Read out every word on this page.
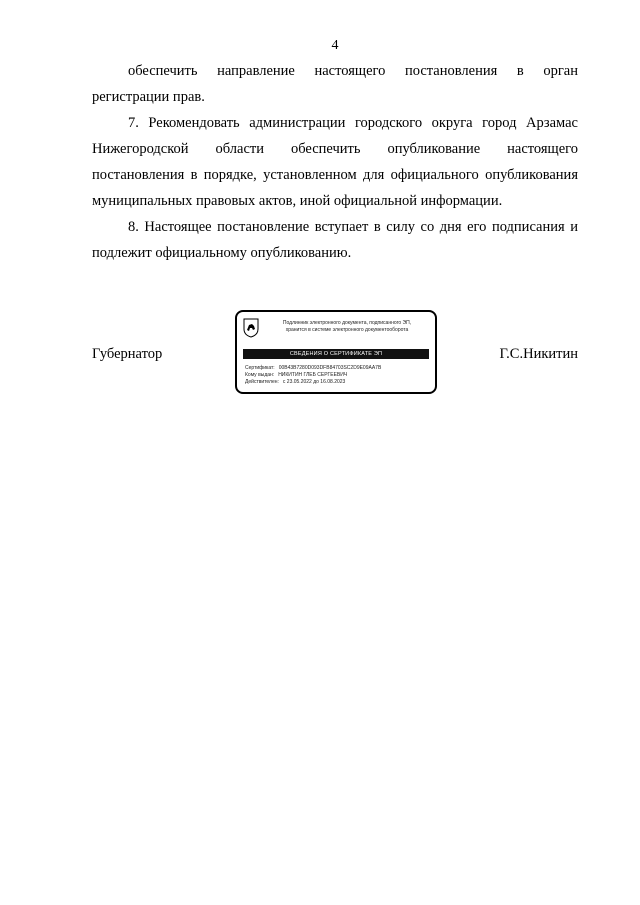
4

обеспечить направление настоящего постановления в орган регистрации прав.

7. Рекомендовать администрации городского округа город Арзамас Нижегородской области обеспечить опубликование настоящего постановления в порядке, установленном для официального опубликования муниципальных правовых актов, иной официальной информации.

8. Настоящее постановление вступает в силу со дня его подписания и подлежит официальному опубликованию.

Губернатор
Подлинник электронного документа, подписанного ЭП,
хранится в системе электронного документооборота
СВЕДЕНИЯ О СЕРТИФИКАТЕ ЭП
Сертификат: 00B43B7280D093DFB84703SC2D9E09AA7B
Кому выдан: НИКИТИН ГЛЕБ СЕРГЕЕВИЧ
Действителен: с 23.05.2022 до 16.08.2023
Г.С.Никитин
